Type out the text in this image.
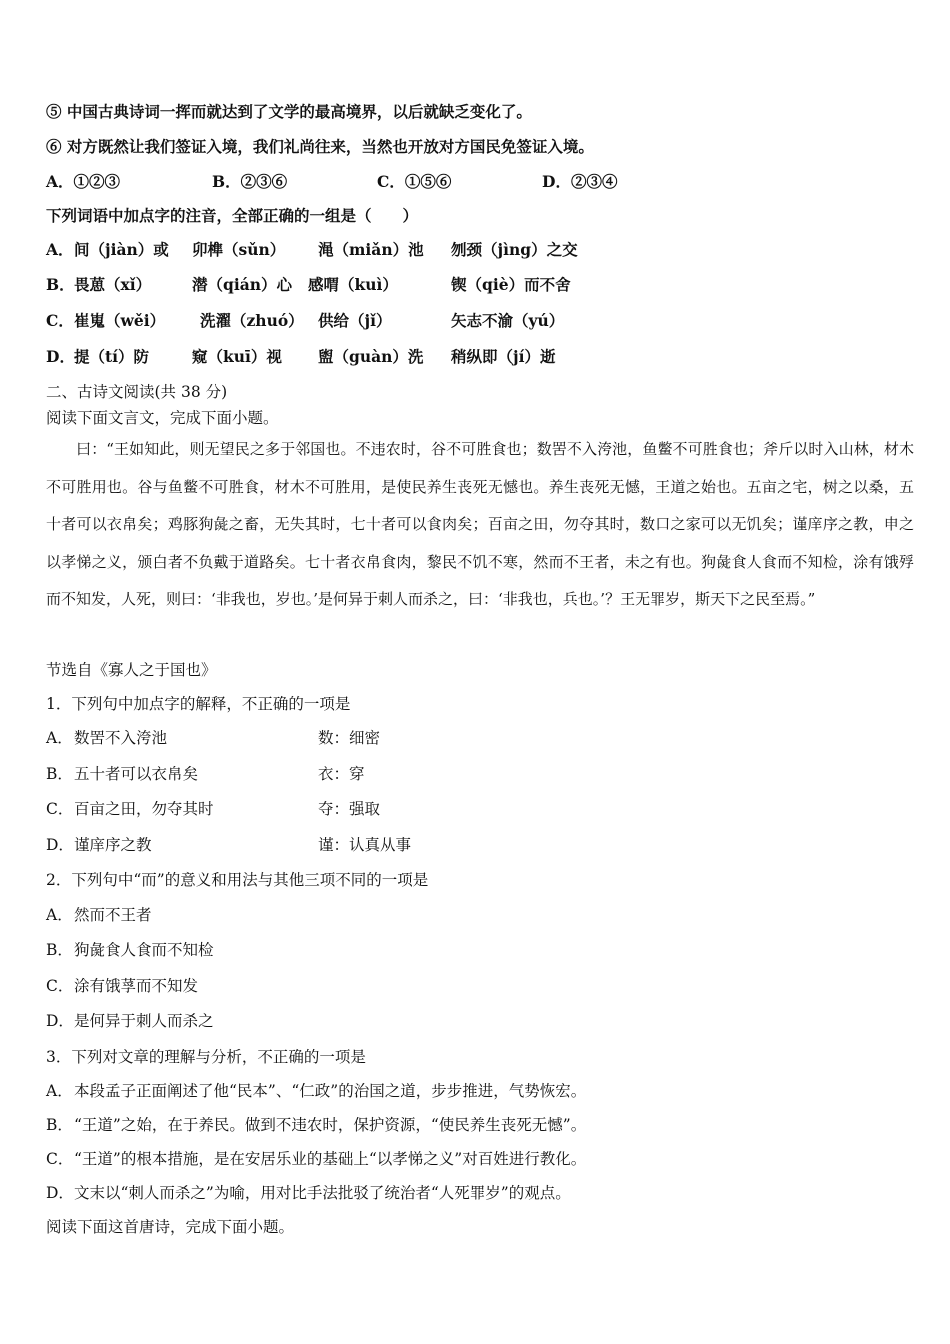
⑤ 中国古典诗词一挥而就达到了文学的最高境界，以后就缺乏变化了。
⑥ 对方既然让我们签证入境，我们礼尚往来，当然也开放对方国民免签证入境。
A．①②③	B．②③⑥	C．①⑤⑥	D．②③④
下列词语中加点字的注音，全部正确的一组是（　　）
A． 间（jiàn）或 卯榫（sǔn） 渑（miǎn）池 刎颈（jìng）之交
B． 畏葸（xǐ）	潜（qián）心 感喟（kuì）	锲（qiè）而不舍
C． 崔嵬（wěi） 洗濯（zhuó） 供给（jǐ）	矢志不渝（yú）
D． 提（tí）防	窥（kuī）视 盥（guàn）洗 稍纵即（jí）逝
二、古诗文阅读(共 38 分)
阅读下面文言文，完成下面小题。
曰：“王如知此，则无望民之多于邻国也。不违农时，谷不可胜食也；数罟不入洿池，鱼鳖不可胜食也；斧斤以时入山林，材木不可胜用也。谷与鱼鳖不可胜食，材木不可胜用，是使民养生丧死无憾也。养生丧死无憾，王道之始也。五亩之宅，树之以桑，五十者可以衣帛矣；鸡豚狗彘之畜，无失其时，七十者可以食肉矣；百亩之田，勿夺其时，数口之家可以无饥矣；谨庠序之教，申之以孝悌之义，颁白者不负戴于道路矣。七十者衣帛食肉，黎民不饥不寒，然而不王者，未之有也。狗彘食人食而不知检，涂有饿殍而不知发，人死，则曰：‘非我也，岁也。’是何异于刺人而杀之，曰：‘非我也，兵也。’？王无罪岁，斯天下之民至焉。”
节选自《寡人之于国也》
1．下列句中加点字的解释，不正确的一项是
A． 数罟不入洿池	数：细密
B． 五十者可以衣帛矣	衣：穿
C． 百亩之田，勿夺其时	夺：强取
D． 谨庠序之教	谨：认真从事
2．下列句中“而”的意义和用法与其他三项不同的一项是
A． 然而不王者
B． 狗彘食人食而不知检
C． 涂有饿莩而不知发
D． 是何异于刺人而杀之
3．下列对文章的理解与分析，不正确的一项是
A． 本段孟子正面阐述了他“民本”、“仁政”的治国之道，步步推进，气势恢宏。
B． “王道”之始，在于养民。做到不违农时，保护资源，“使民养生丧死无憾”。
C． “王道”的根本措施，是在安居乐业的基础上“以孝悌之义”对百姓进行教化。
D． 文末以“刺人而杀之”为喻，用对比手法批驳了统治者“人死罪岁”的观点。
阅读下面这首唐诗，完成下面小题。
